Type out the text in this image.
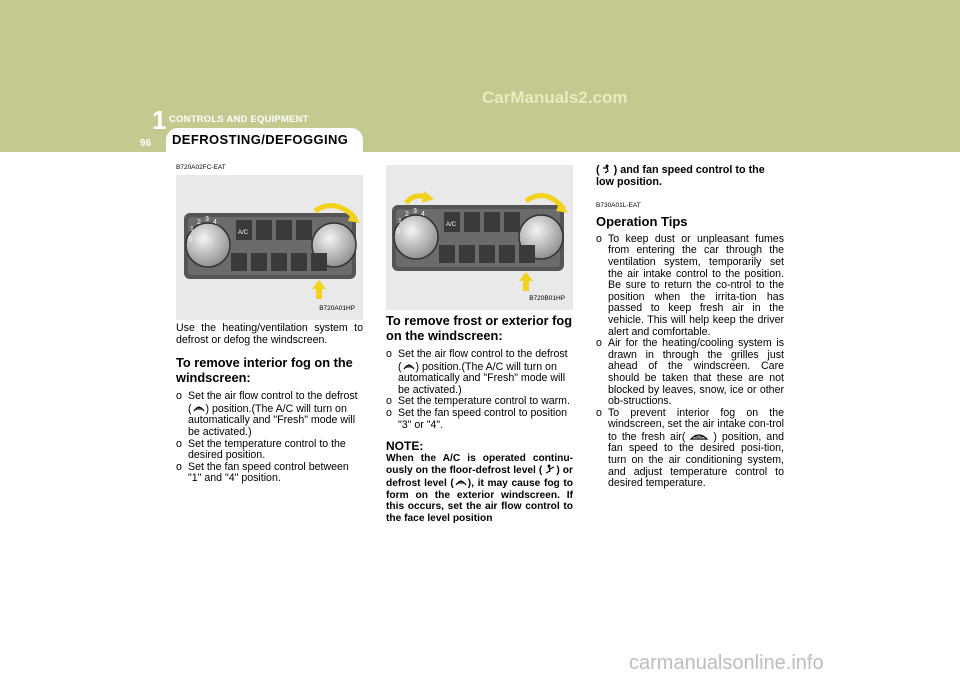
1 CONTROLS AND EQUIPMENT
CarManuals2.com
96 DEFROSTING/DEFOGGING
B720A02FC-EAT
0
1
2 3 4
A/C
B720A01HP

Use the heating/ventilation system to defrost or defog the windscreen.

To remove interior fog on the windscreen:

o Set the air flow control to the defrost ( ) position.(The A/C will turn on automatically and "Fresh" mode will be activated.)

o Set the temperature control to the desired position.

o Set the fan speed control between "1" and "4" position.

0
1
2 3 4
A/C
B720B01HP

To remove frost or exterior fog on the windscreen:

o Set the air flow control to the defrost ( ) position.(The A/C will turn on automatically and "Fresh" mode will be activated.)

o Set the temperature control to warm.

o Set the fan speed control to position "3" or "4".

NOTE:

When the A/C is operated continu-ously on the floor-defrost level ( ) or defrost level ( ), it may cause fog to form on the exterior windscreen. If this occurs, set the air flow control to the face level position

( ) and fan speed control to the low position.

B730A01L-EAT

Operation Tips

o To keep dust or unpleasant fumes from entering the car through the ventilation system, temporarily set the air intake control to the position. Be sure to return the co-ntrol to the position when the irrita-tion has passed to keep fresh air in the vehicle. This will help keep the driver alert and comfortable.

o Air for the heating/cooling system is drawn in through the grilles just ahead of the windscreen. Care should be taken that these are not blocked by leaves, snow, ice or other ob-structions.

o To prevent interior fog on the windscreen, set the air intake con-trol to the fresh air(	) position, and fan speed to the desired posi-tion, turn on the air conditioning system, and adjust temperature control to desired temperature.

carmanualsonline.info
